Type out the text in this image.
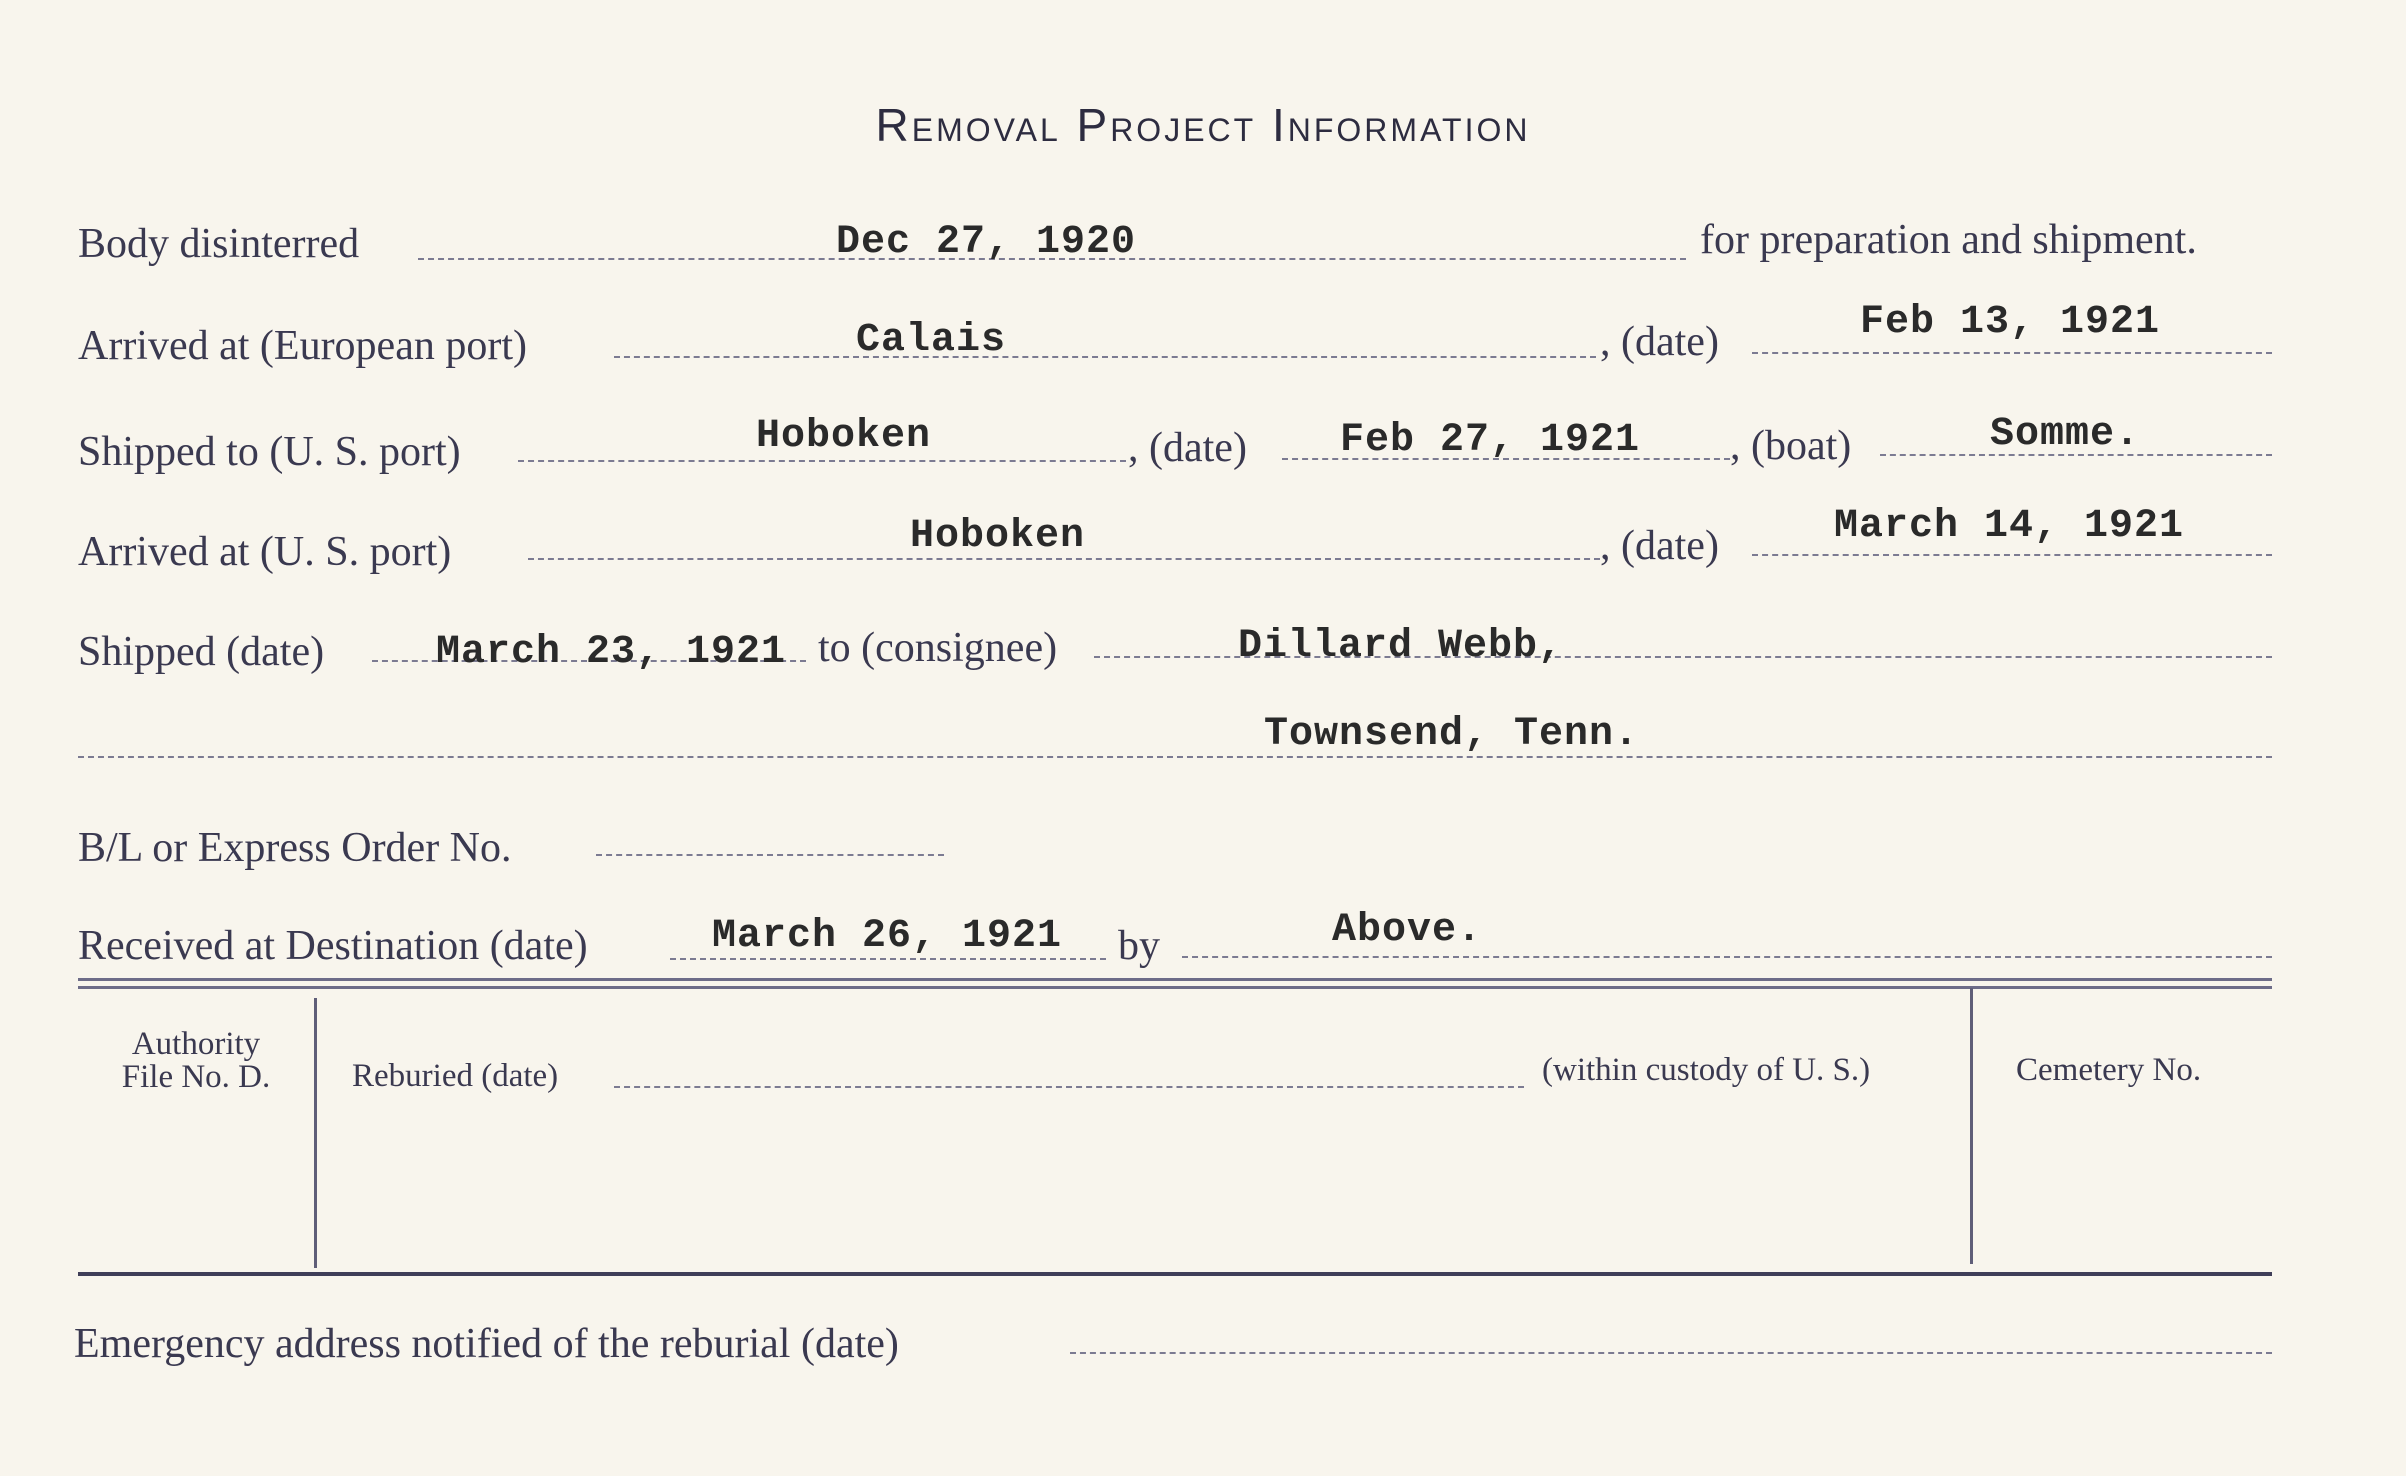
Removal Project Information
Body disinterred	Dec 27, 1920	for preparation and shipment.
Arrived at (European port)	Calais	, (date)	Feb 13, 1921
Shipped to (U. S. port)	Hoboken	, (date) Feb 27, 1921 , (boat)	Somme.
Arrived at (U. S. port)	Hoboken	, (date)	March 14, 1921
Shipped (date)	March 23, 1921 to (consignee)	Dillard Webb,
Townsend, Tenn.
B/L or Express Order No.
Received at Destination (date)	March 26, 1921 by	Above.
Authority
File No. D.	Reburied (date)	(within custody of U. S.)	Cemetery No.
Emergency address notified of the reburial (date)
